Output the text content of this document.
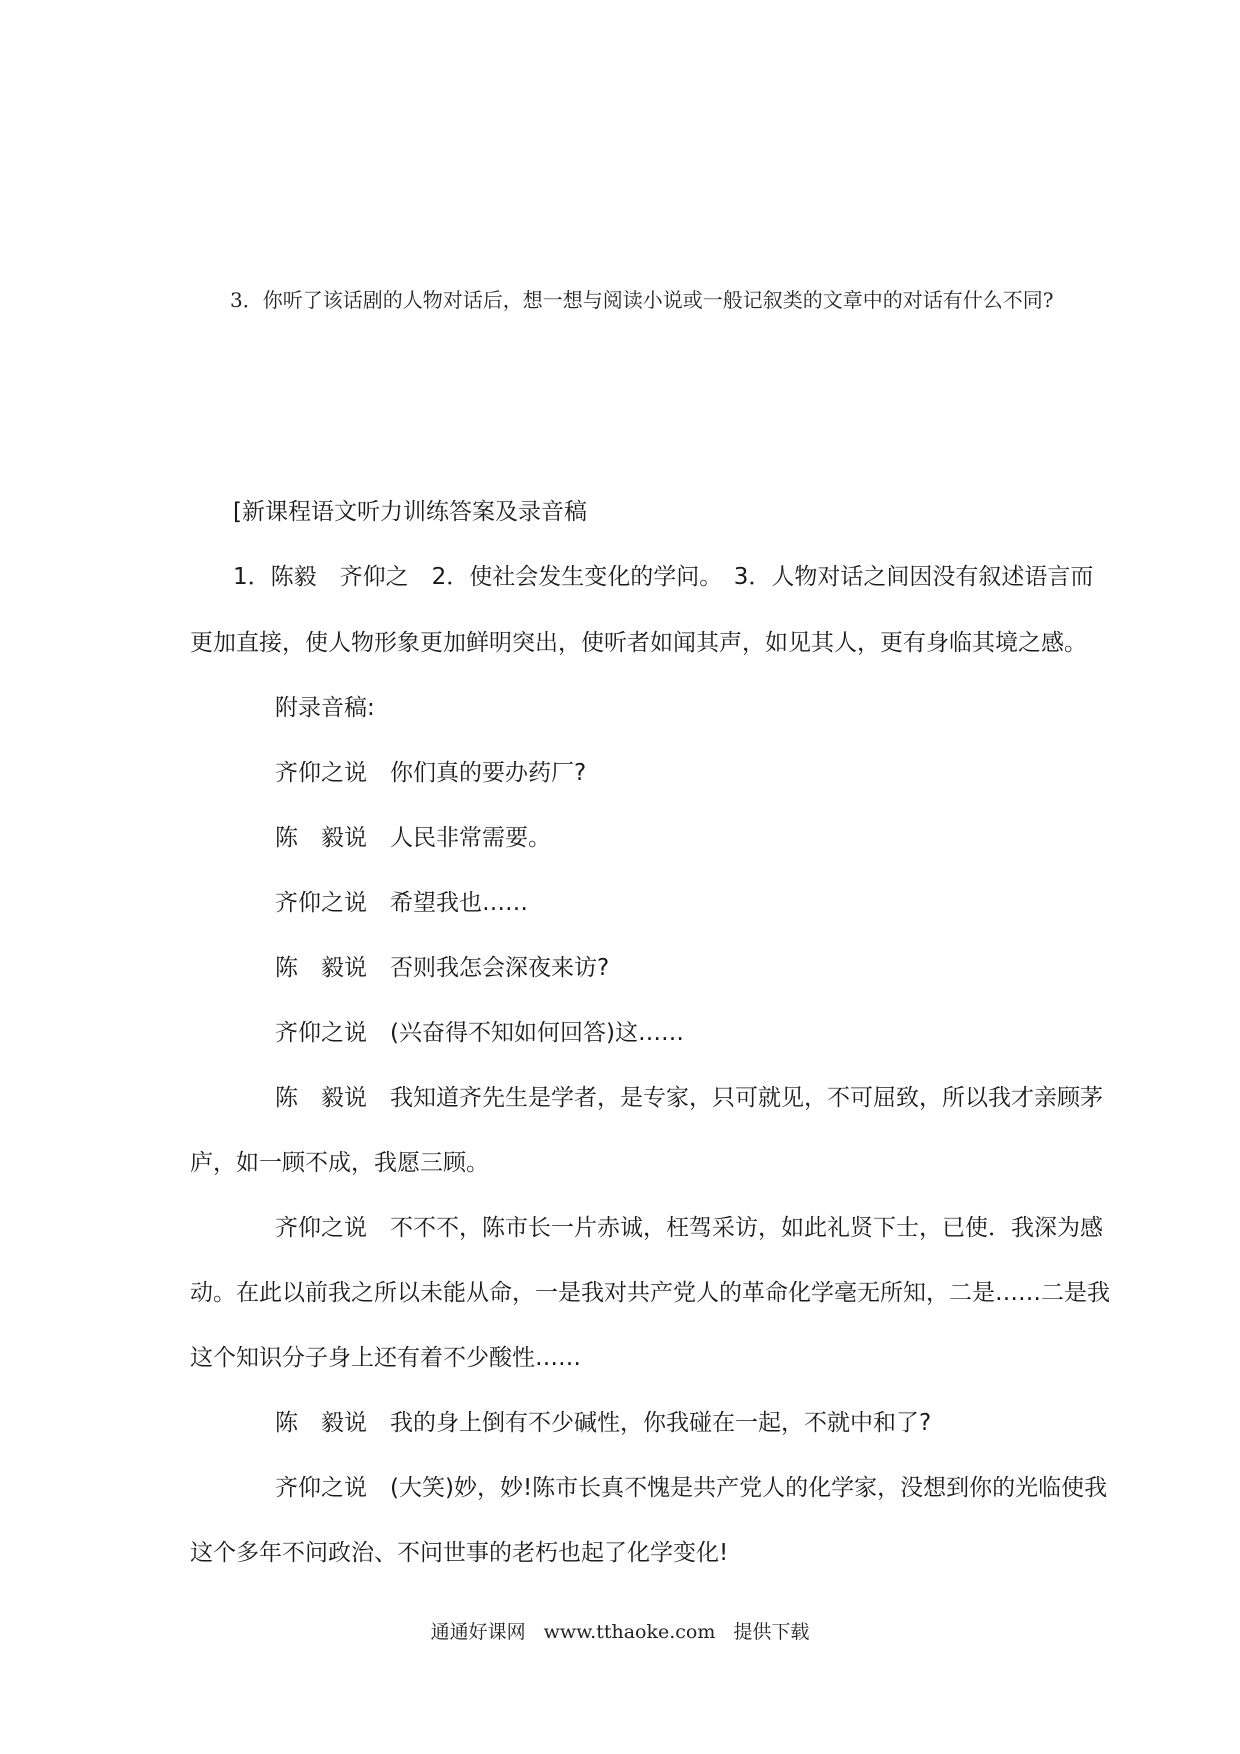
3．你听了该话剧的人物对话后，想一想与阅读小说或一般记叙类的文章中的对话有什么不同?
[新课程语文听力训练答案及录音稿
1．陈毅　齐仰之　2．使社会发生变化的学问。　3．人物对话之间因没有叙述语言而
更加直接，使人物形象更加鲜明突出，使听者如闻其声，如见其人，更有身临其境之感。
附录音稿:
齐仰之说　你们真的要办药厂?
陈　毅说　人民非常需要。
齐仰之说　希望我也……
陈　毅说　否则我怎会深夜来访?
齐仰之说　(兴奋得不知如何回答)这……
陈　毅说　我知道齐先生是学者，是专家，只可就见，不可屈致，所以我才亲顾茅
庐，如一顾不成，我愿三顾。
齐仰之说　不不不，陈市长一片赤诚，枉驾采访，如此礼贤下士，已使．我深为感
动。在此以前我之所以未能从命，一是我对共产党人的革命化学毫无所知，二是……二是我
这个知识分子身上还有着不少酸性……
陈　毅说　我的身上倒有不少碱性，你我碰在一起，不就中和了?
齐仰之说　(大笑)妙，妙!陈市长真不愧是共产党人的化学家，没想到你的光临使我
这个多年不问政治、不问世事的老朽也起了化学变化!
通通好课网 www.tthaoke.com 提供下载
